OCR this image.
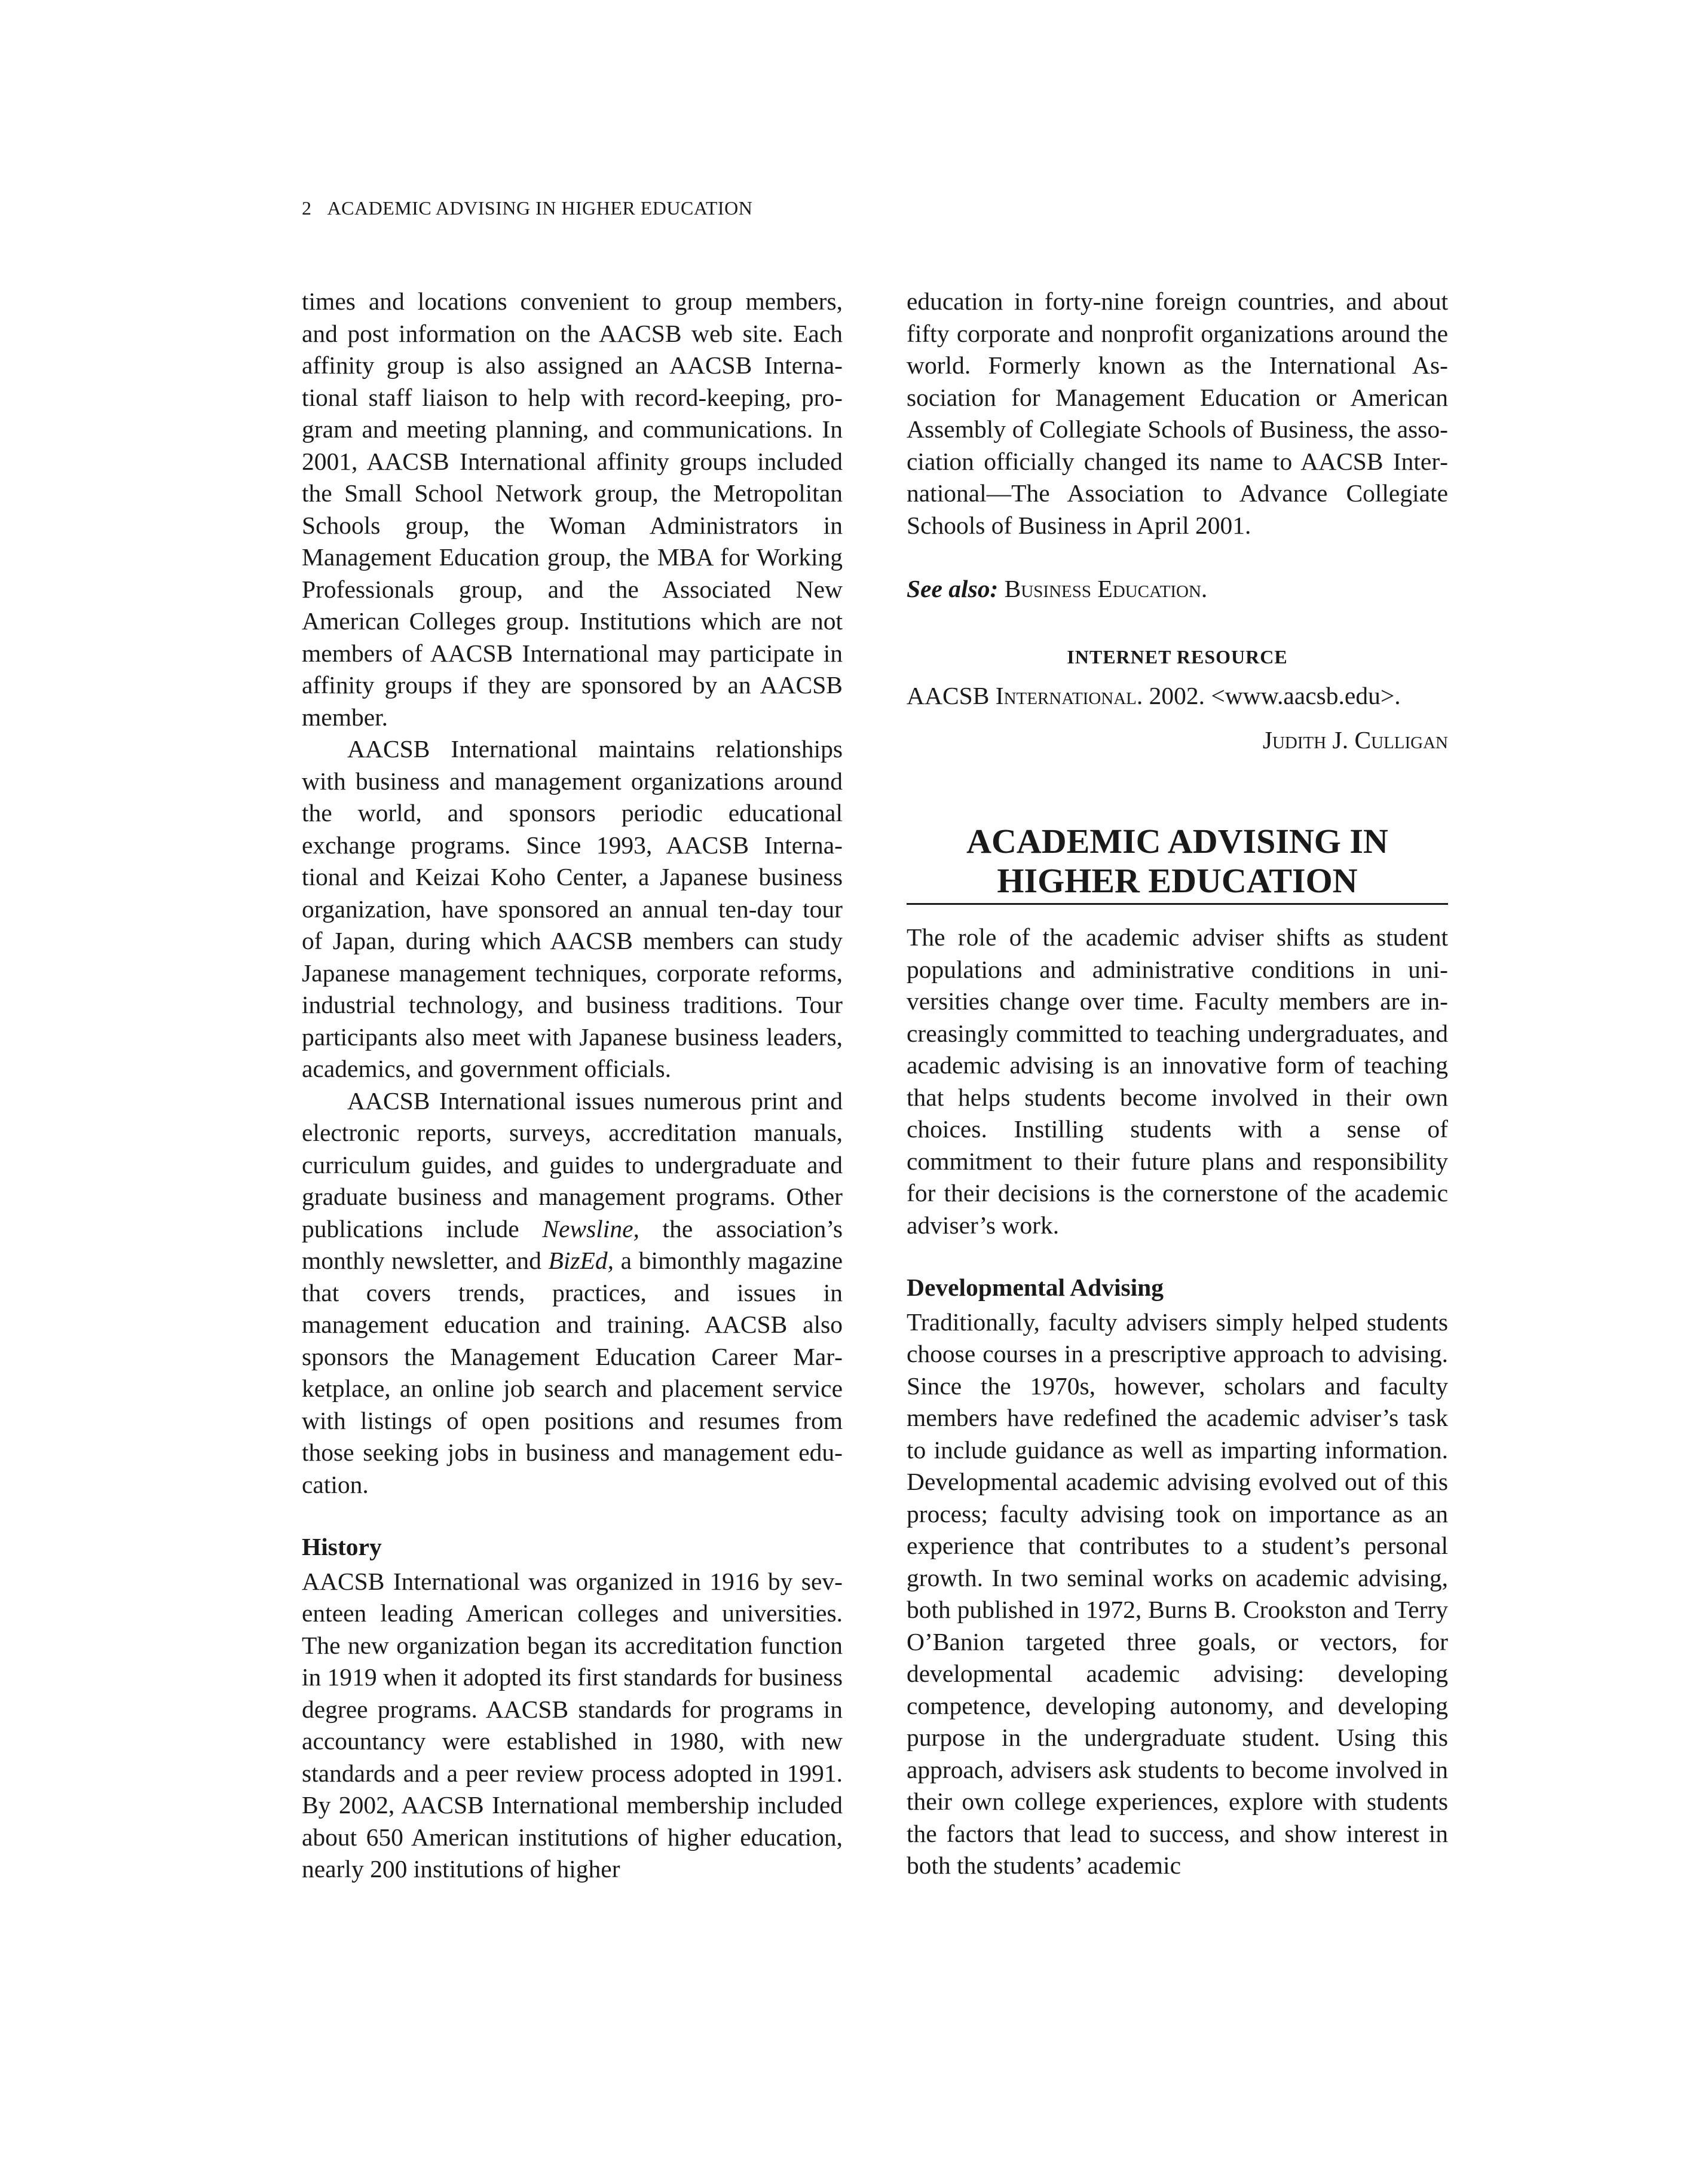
2 ACADEMIC ADVISING IN HIGHER EDUCATION

times and locations convenient to group members, and post information on the AACSB web site. Each affinity group is also assigned an AACSB International staff liaison to help with record-keeping, program and meeting planning, and communications. In 2001, AACSB International affinity groups included the Small School Network group, the Metropolitan Schools group, the Woman Administrators in Management Education group, the MBA for Working Professionals group, and the Associated New American Colleges group. Institutions which are not members of AACSB International may participate in affinity groups if they are sponsored by an AACSB member.

AACSB International maintains relationships with business and management organizations around the world, and sponsors periodic educational exchange programs. Since 1993, AACSB International and Keizai Koho Center, a Japanese business organization, have sponsored an annual ten-day tour of Japan, during which AACSB members can study Japanese management techniques, corporate reforms, industrial technology, and business traditions. Tour participants also meet with Japanese business leaders, academics, and government officials.

AACSB International issues numerous print and electronic reports, surveys, accreditation manuals, curriculum guides, and guides to undergraduate and graduate business and management programs. Other publications include Newsline, the association’s monthly newsletter, and BizEd, a bimonthly magazine that covers trends, practices, and issues in management education and training. AACSB also sponsors the Management Education Career Marketplace, an online job search and placement service with listings of open positions and resumes from those seeking jobs in business and management education.

History

AACSB International was organized in 1916 by seventeen leading American colleges and universities. The new organization began its accreditation function in 1919 when it adopted its first standards for business degree programs. AACSB standards for programs in accountancy were established in 1980, with new standards and a peer review process adopted in 1991. By 2002, AACSB International membership included about 650 American institutions of higher education, nearly 200 institutions of higher

education in forty-nine foreign countries, and about fifty corporate and nonprofit organizations around the world. Formerly known as the International Association for Management Education or American Assembly of Collegiate Schools of Business, the association officially changed its name to AACSB International—The Association to Advance Collegiate Schools of Business in April 2001.

See also: Business Education.

INTERNET RESOURCE

AACSB International. 2002. <www.aacsb.edu>.

Judith J. Culligan

ACADEMIC ADVISING IN
HIGHER EDUCATION

The role of the academic adviser shifts as student populations and administrative conditions in universities change over time. Faculty members are increasingly committed to teaching undergraduates, and academic advising is an innovative form of teaching that helps students become involved in their own choices. Instilling students with a sense of commitment to their future plans and responsibility for their decisions is the cornerstone of the academic adviser’s work.

Developmental Advising

Traditionally, faculty advisers simply helped students choose courses in a prescriptive approach to advising. Since the 1970s, however, scholars and faculty members have redefined the academic adviser’s task to include guidance as well as imparting information. Developmental academic advising evolved out of this process; faculty advising took on importance as an experience that contributes to a student’s personal growth. In two seminal works on academic advising, both published in 1972, Burns B. Crookston and Terry O’Banion targeted three goals, or vectors, for developmental academic advising: developing competence, developing autonomy, and developing purpose in the undergraduate student. Using this approach, advisers ask students to become involved in their own college experiences, explore with students the factors that lead to success, and show interest in both the students’ academic
